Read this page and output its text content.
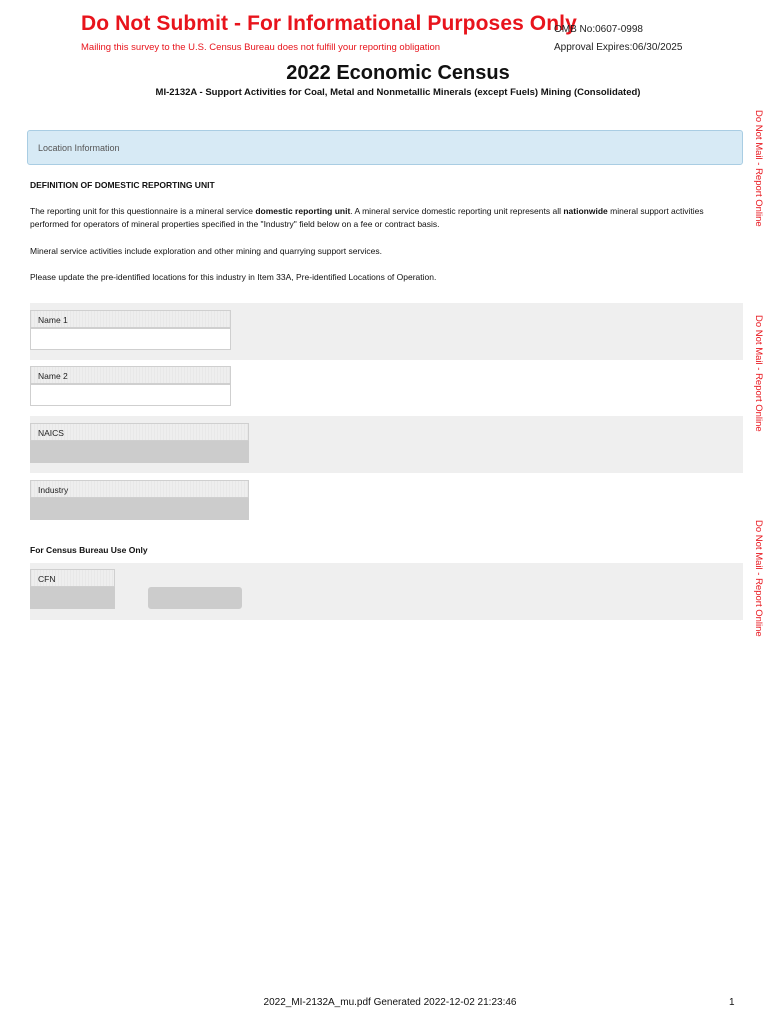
Do Not Submit - For Informational Purposes Only
Mailing this survey to the U.S. Census Bureau does not fulfill your reporting obligation
OMB No:0607-0998
Approval Expires:06/30/2025
2022 Economic Census
MI-2132A - Support Activities for Coal, Metal and Nonmetallic Minerals (except Fuels) Mining (Consolidated)
Do Not Mail - Report Online
Do Not Mail - Report Online
Do Not Mail - Report Online
Location Information
DEFINITION OF DOMESTIC REPORTING UNIT
The reporting unit for this questionnaire is a mineral service domestic reporting unit. A mineral service domestic reporting unit represents all nationwide mineral support activities performed for operators of mineral properties specified in the "Industry" field below on a fee or contract basis.
Mineral service activities include exploration and other mining and quarrying support services.
Please update the pre-identified locations for this industry in Item 33A, Pre-identified Locations of Operation.
Name 1
Name 2
NAICS
Industry
For Census Bureau Use Only
CFN
2022_MI-2132A_mu.pdf Generated 2022-12-02 21:23:46	1
